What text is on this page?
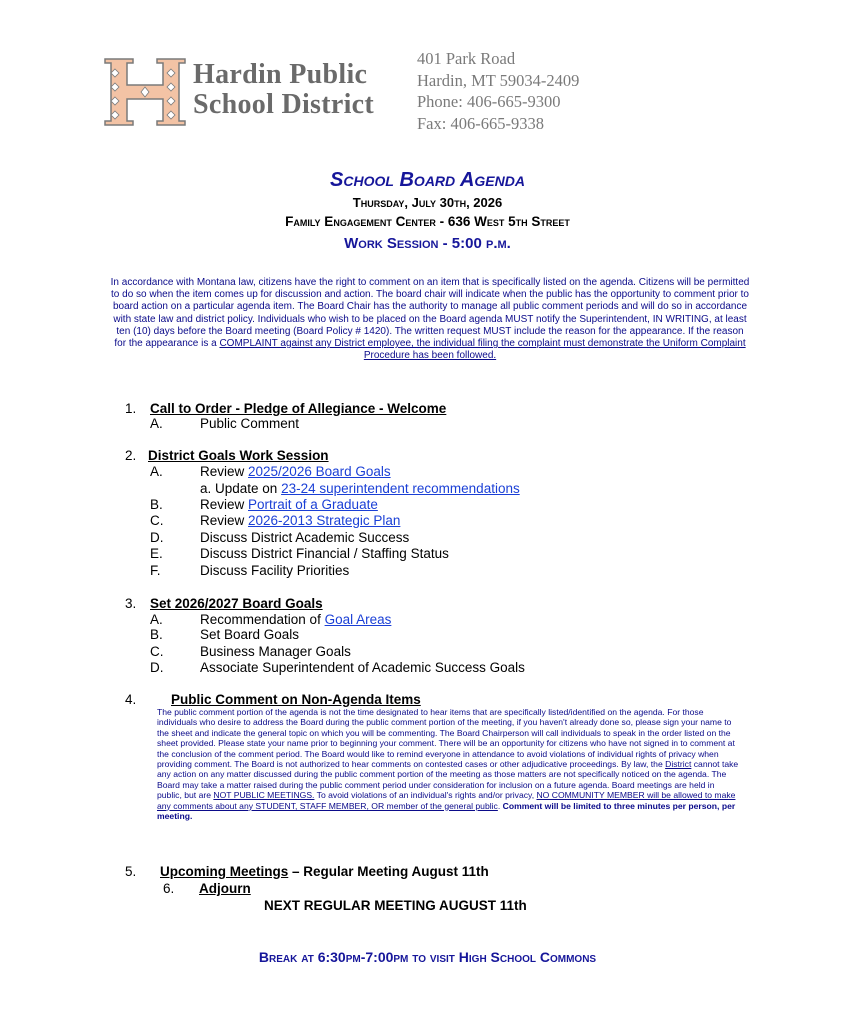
Hardin Public
School District
401 Park Road
Hardin, MT 59034-2409
Phone: 406-665-9300
Fax: 406-665-9338
School Board Agenda
Thursday, July 30th, 2026
Family Engagement Center - 636 West 5th Street
Work Session - 5:00 p.m.
In accordance with Montana law, citizens have the right to comment on an item that is specifically listed on the agenda. Citizens will be permitted to do so when the item comes up for discussion and action. The board chair will indicate when the public has the opportunity to comment prior to board action on a particular agenda item. The Board Chair has the authority to manage all public comment periods and will do so in accordance with state law and district policy. Individuals who wish to be placed on the Board agenda MUST notify the Superintendent, IN WRITING, at least ten (10) days before the Board meeting (Board Policy # 1420). The written request MUST include the reason for the appearance. If the reason for the appearance is a COMPLAINT against any District employee, the individual filing the complaint must demonstrate the Uniform Complaint Procedure has been followed.
1. Call to Order - Pledge of Allegiance - Welcome
A.	Public Comment
2. District Goals Work Session
A.	Review 2025/2026 Board Goals
a. Update on 23-24 superintendent recommendations
B.	Review Portrait of a Graduate
C.	Review 2026-2013 Strategic Plan
D.	Discuss District Academic Success
E.	Discuss District Financial / Staffing Status
F.	Discuss Facility Priorities
3. Set 2026/2027 Board Goals
A.	Recommendation of Goal Areas
B.	Set Board Goals
C.	Business Manager Goals
D.	Associate Superintendent of Academic Success Goals
4.	Public Comment on Non-Agenda Items
The public comment portion of the agenda is not the time designated to hear items that are specifically listed/identified on the agenda. For those individuals who desire to address the Board during the public comment portion of the meeting, if you haven't already done so, please sign your name to the sheet and indicate the general topic on which you will be commenting. The Board Chairperson will call individuals to speak in the order listed on the sheet provided. Please state your name prior to beginning your comment. There will be an opportunity for citizens who have not signed in to comment at the conclusion of the comment period. The Board would like to remind everyone in attendance to avoid violations of individual rights of privacy when providing comment. The Board is not authorized to hear comments on contested cases or other adjudicative proceedings. By law, the District cannot take any action on any matter discussed during the public comment portion of the meeting as those matters are not specifically noticed on the agenda. The Board may take a matter raised during the public comment period under consideration for inclusion on a future agenda. Board meetings are held in public, but are NOT PUBLIC MEETINGS. To avoid violations of an individual's rights and/or privacy, NO COMMUNITY MEMBER will be allowed to make any comments about any STUDENT, STAFF MEMBER, OR member of the general public. Comment will be limited to three minutes per person, per meeting.
5. Upcoming Meetings – Regular Meeting August 11th
6. Adjourn
NEXT REGULAR MEETING AUGUST 11th
Break at 6:30pm-7:00pm to visit High School Commons
